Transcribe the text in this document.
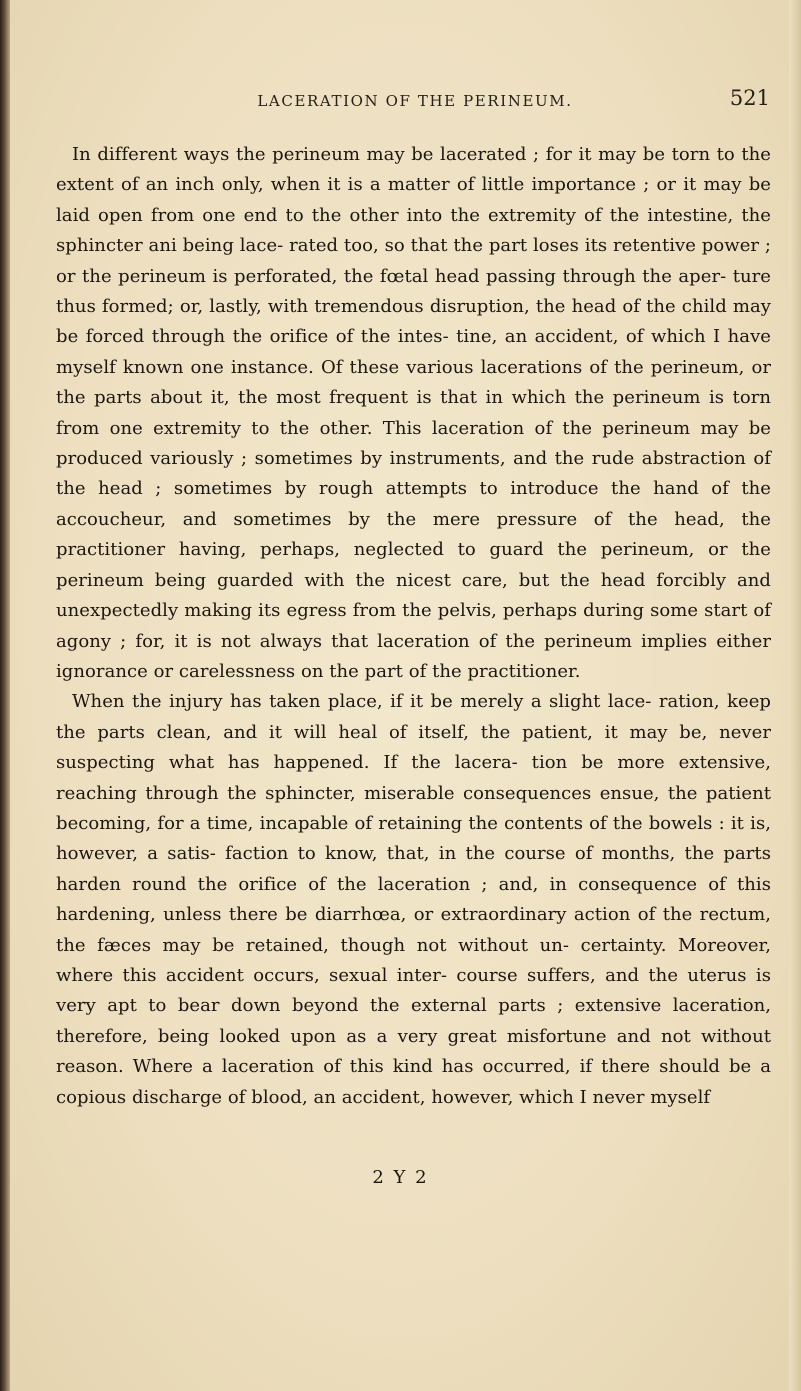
LACERATION OF THE PERINEUM.	521

In different ways the perineum may be lacerated ; for it may be torn to the extent of an inch only, when it is a matter of little importance ; or it may be laid open from one end to the other into the extremity of the intestine, the sphincter ani being lace- rated too, so that the part loses its retentive power ; or the perineum is perforated, the fœtal head passing through the aper- ture thus formed; or, lastly, with tremendous disruption, the head of the child may be forced through the orifice of the intes- tine, an accident, of which I have myself known one instance. Of these various lacerations of the perineum, or the parts about it, the most frequent is that in which the perineum is torn from one extremity to the other. This laceration of the perineum may be produced variously ; sometimes by instruments, and the rude abstraction of the head ; sometimes by rough attempts to introduce the hand of the accoucheur, and sometimes by the mere pressure of the head, the practitioner having, perhaps, neglected to guard the perineum, or the perineum being guarded with the nicest care, but the head forcibly and unexpectedly making its egress from the pelvis, perhaps during some start of agony ; for, it is not always that laceration of the perineum implies either ignorance or carelessness on the part of the practitioner.

When the injury has taken place, if it be merely a slight lace- ration, keep the parts clean, and it will heal of itself, the patient, it may be, never suspecting what has happened. If the lacera- tion be more extensive, reaching through the sphincter, miserable consequences ensue, the patient becoming, for a time, incapable of retaining the contents of the bowels : it is, however, a satis- faction to know, that, in the course of months, the parts harden round the orifice of the laceration ; and, in consequence of this hardening, unless there be diarrhœa, or extraordinary action of the rectum, the fæces may be retained, though not without un- certainty. Moreover, where this accident occurs, sexual inter- course suffers, and the uterus is very apt to bear down beyond the external parts ; extensive laceration, therefore, being looked upon as a very great misfortune and not without reason. Where a laceration of this kind has occurred, if there should be a copious discharge of blood, an accident, however, which I never myself

2 Y 2
